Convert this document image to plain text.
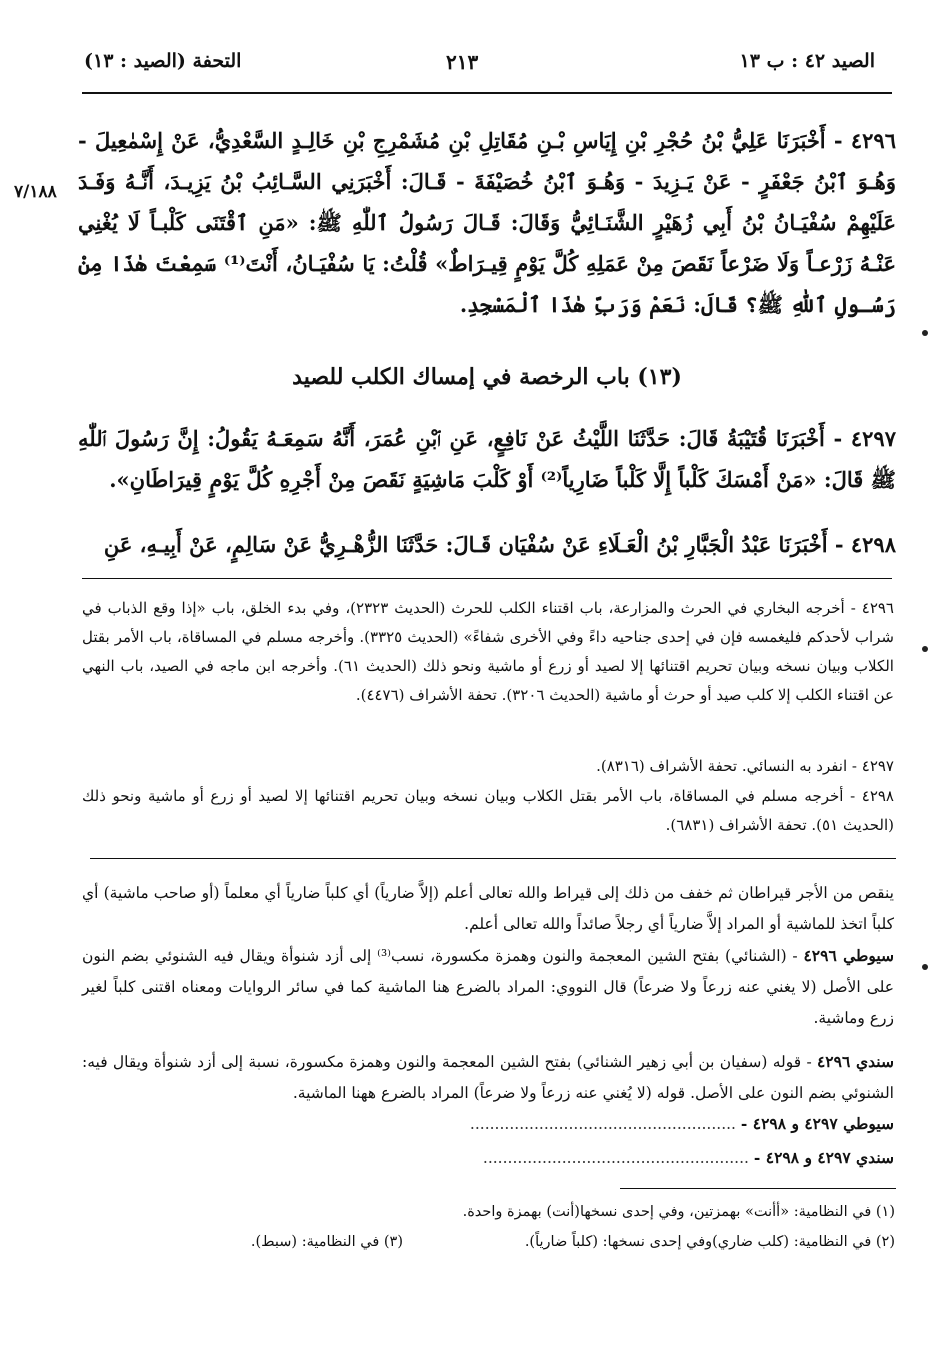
الصيد ٤٢ : ب ١٣
٢١٣
التحفة (الصيد : ١٣)
٧/١٨٨
٤٢٩٦ - أَخْبَرَنَا عَلِيُّ بْنُ حُجْرِ بْنِ إِيَاسِ بْـنِ مُقَاتِلِ بْنِ مُشَمْرِجِ بْنِ خَالِـدٍ السَّعْدِيُّ، عَنْ إِسْمٰعِيلَ - وَهُـوَ ٱبْنُ جَعْفَرٍ - عَنْ يَـزِيدَ - وَهُـوَ ٱبْنُ خُصَيْفَةَ - قَـالَ: أَخْبَرَنِي السَّـائِبُ بْنُ يَزِيـدَ، أَنَّـهُ وَفَـدَ عَلَيْهِمْ سُفْيَـانُ بْنُ أَبِي زُهَيْرٍ الشَّنَـائِيُّ وَقَالَ: قَـالَ رَسُولُ ٱللّٰهِ ﷺ: «مَنِ ٱقْتَنَى كَلْبـاً لَا يُغْنِي عَنْـهُ زَرْعـاً وَلَا ضَرْعاً نَقَصَ مِنْ عَمَلِهِ كُلَّ يَوْمٍ قِيـرَاطٌ» قُلْتُ: يَا سُفْيَـانُ، أَنْتَ⁽¹⁾ سَمِعْتَ هٰذَا مِنْ رَسُـولِ ٱللّٰهِ ﷺ؟ قَالَ: نَعَمْ وَرَبِّ هٰذَا ٱلْمَسْجِدِ.
(١٣) باب الرخصة في إمساك الكلب للصيد
٤٢٩٧ - أَخْبَرَنَا قُتَيْبَةُ قَالَ: حَدَّثَنَا اللَّيْثُ عَنْ نَافِعٍ، عَنِ ٱبْنِ عُمَرَ، أَنَّهُ سَمِعَـهُ يَقُولُ: إِنَّ رَسُولَ ٱللّٰهِ ﷺ قَالَ: «مَنْ أَمْسَكَ كَلْباً إِلَّا كَلْباً ضَارِياً⁽²⁾ أَوْ كَلْبَ مَاشِيَةٍ نَقَصَ مِنْ أَجْرِهِ كُلَّ يَوْمٍ قِيرَاطَانِ».
٤٢٩٨ - أَخْبَرَنَا عَبْدُ الْجَبَّارِ بْنُ الْعَـلَاءِ عَنْ سُفْيَان قَـالَ: حَدَّثَنَا الزُّهْـرِيُّ عَنْ سَالِمٍ، عَنْ أَبِيـهِ، عَنِ
٤٢٩٦ - أخرجه البخاري في الحرث والمزارعة، باب اقتناء الكلب للحرث (الحديث ٢٣٢٣)، وفي بدء الخلق، باب «إذا وقع الذباب في شراب لأحدكم فليغمسه فإن في إحدى جناحيه داءً وفي الأخرى شفاءً» (الحديث ٣٣٢٥). وأخرجه مسلم في المساقاة، باب الأمر بقتل الكلاب وبيان نسخه وبيان تحريم اقتنائها إلا لصيد أو زرع أو ماشية ونحو ذلك (الحديث ٦١). وأخرجه ابن ماجه في الصيد، باب النهي عن اقتناء الكلب إلا كلب صيد أو حرث أو ماشية (الحديث ٣٢٠٦). تحفة الأشراف (٤٤٧٦).
٤٢٩٧ - انفرد به النسائي. تحفة الأشراف (٨٣١٦).
٤٢٩٨ - أخرجه مسلم في المساقاة، باب الأمر بقتل الكلاب وبيان نسخه وبيان تحريم اقتنائها إلا لصيد أو زرع أو ماشية ونحو ذلك (الحديث ٥١). تحفة الأشراف (٦٨٣١).
ينقص من الأجر قيراطان ثم خفف من ذلك إلى قيراط والله تعالى أعلم (إلاَّ ضارياً) أي كلباً ضارياً أي معلماً (أو صاحب ماشية) أي كلباً اتخذ للماشية أو المراد إلاَّ ضارياً أي رجلاً صائداً والله تعالى أعلم.
سيوطي ٤٢٩٦ - (الشنائي) بفتح الشين المعجمة والنون وهمزة مكسورة، نسب⁽³⁾ إلى أزد شنوأة ويقال فيه الشنوئي بضم النون على الأصل (لا يغني عنه زرعاً ولا ضرعاً) قال النووي: المراد بالضرع هنا الماشية كما في سائر الروايات ومعناه اقتنى كلباً لغير زرع وماشية.
سندي ٤٢٩٦ - قوله (سفيان بن أبي زهير الشنائي) بفتح الشين المعجمة والنون وهمزة مكسورة، نسبة إلى أزد شنوأة ويقال فيه: الشنوئي بضم النون على الأصل. قوله (لا يُغني عنه زرعاً ولا ضرعاً) المراد بالضرع ههنا الماشية.
سيوطي ٤٢٩٧ و ٤٢٩٨ - ......................................................
سندي ٤٢٩٧ و ٤٢٩٨ - ......................................................
(١) في النظامية: «أأنت» بهمزتين، وفي إحدى نسخها(أنت) بهمزة واحدة.
(٢) في النظامية: (كلب ضاري)وفي إحدى نسخها: (كلباً ضارياً).
(٣) في النظامية: (سبط).
